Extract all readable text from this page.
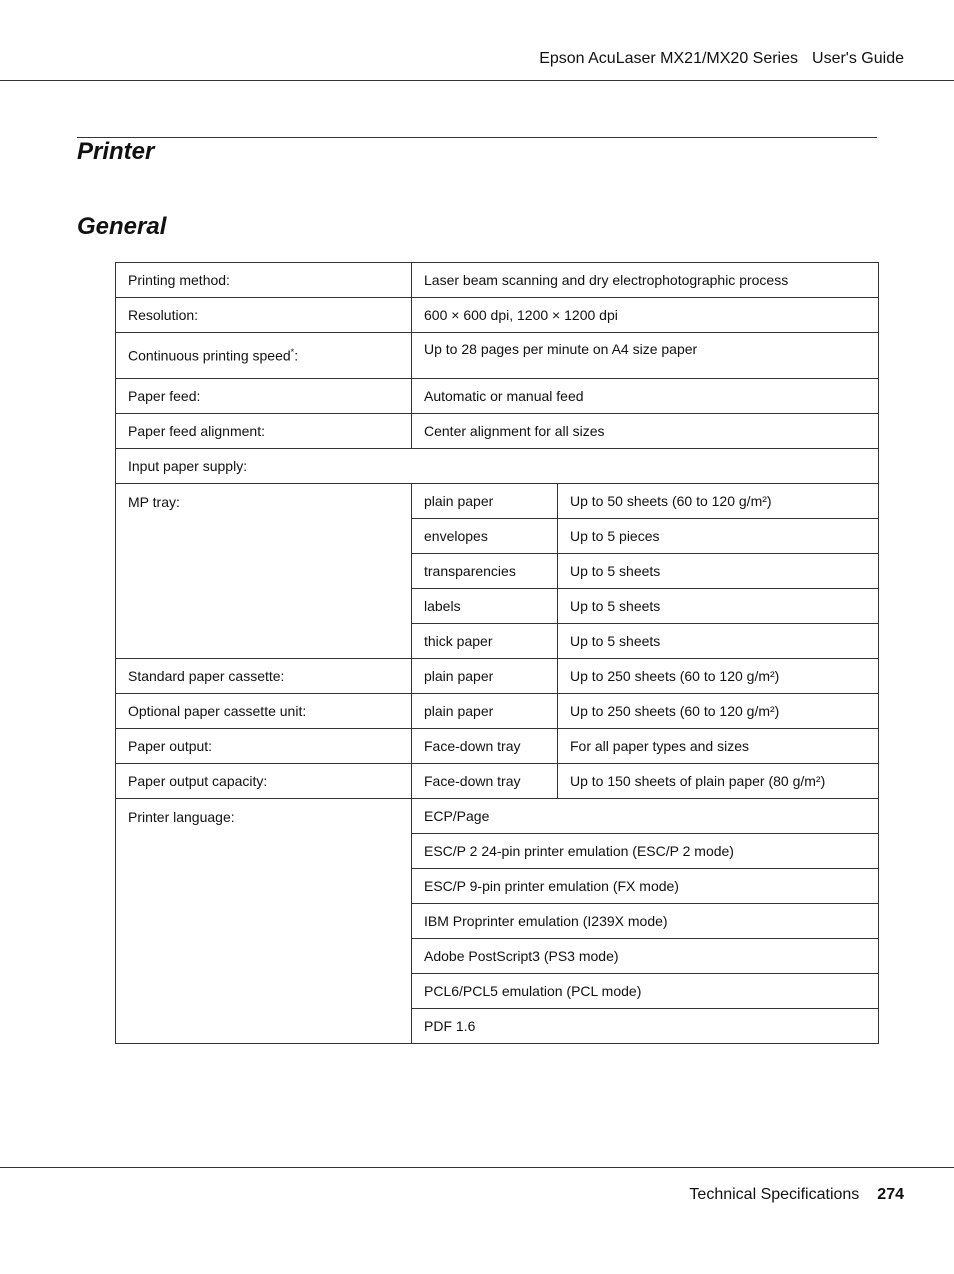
Epson AcuLaser MX21/MX20 Series User's Guide
Printer
General
Printing method:	Laser beam scanning and dry electrophotographic process	
Resolution:	600 × 600 dpi, 1200 × 1200 dpi	
Continuous printing speed*:	Up to 28 pages per minute on A4 size paper	
Paper feed:	Automatic or manual feed	
Paper feed alignment:	Center alignment for all sizes	
Input paper supply:		
MP tray:	plain paper	Up to 50 sheets (60 to 120 g/m²)
	envelopes	Up to 5 pieces
	transparencies	Up to 5 sheets
	labels	Up to 5 sheets
	thick paper	Up to 5 sheets
Standard paper cassette:	plain paper	Up to 250 sheets (60 to 120 g/m²)
Optional paper cassette unit:	plain paper	Up to 250 sheets (60 to 120 g/m²)
Paper output:	Face-down tray	For all paper types and sizes
Paper output capacity:	Face-down tray	Up to 150 sheets of plain paper (80 g/m²)
Printer language:	ECP/Page	
	ESC/P 2 24-pin printer emulation (ESC/P 2 mode)	
	ESC/P 9-pin printer emulation (FX mode)	
	IBM Proprinter emulation (I239X mode)	
	Adobe PostScript3 (PS3 mode)	
	PCL6/PCL5 emulation (PCL mode)	
	PDF 1.6	
Technical Specifications 274
